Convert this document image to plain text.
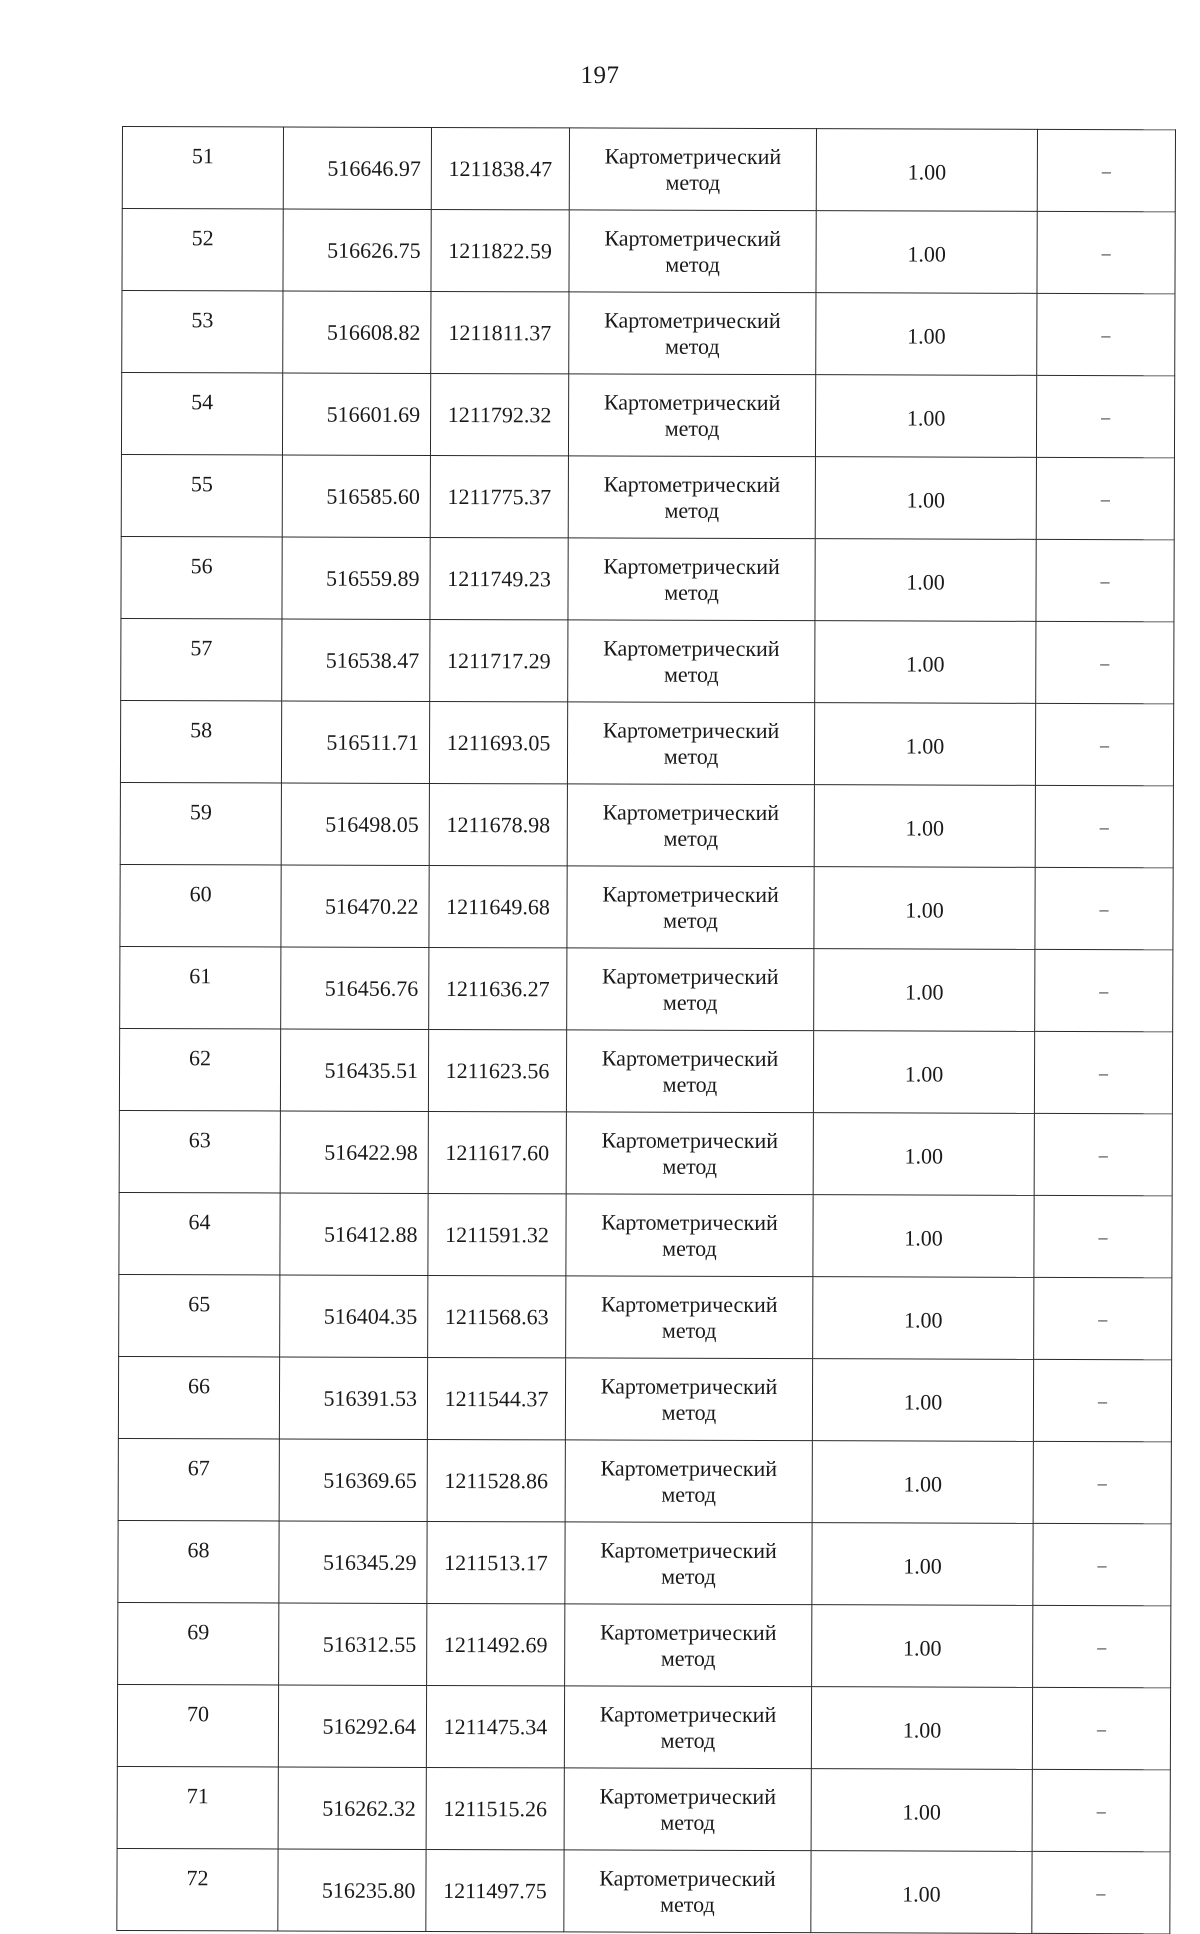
197
51	516646.97	1211838.47	Картометрический
метод	1.00	–
52	516626.75	1211822.59	Картометрический
метод	1.00	–
53	516608.82	1211811.37	Картометрический
метод	1.00	–
54	516601.69	1211792.32	Картометрический
метод	1.00	–
55	516585.60	1211775.37	Картометрический
метод	1.00	–
56	516559.89	1211749.23	Картометрический
метод	1.00	–
57	516538.47	1211717.29	Картометрический
метод	1.00	–
58	516511.71	1211693.05	Картометрический
метод	1.00	–
59	516498.05	1211678.98	Картометрический
метод	1.00	–
60	516470.22	1211649.68	Картометрический
метод	1.00	–
61	516456.76	1211636.27	Картометрический
метод	1.00	–
62	516435.51	1211623.56	Картометрический
метод	1.00	–
63	516422.98	1211617.60	Картометрический
метод	1.00	–
64	516412.88	1211591.32	Картометрический
метод	1.00	–
65	516404.35	1211568.63	Картометрический
метод	1.00	–
66	516391.53	1211544.37	Картометрический
метод	1.00	–
67	516369.65	1211528.86	Картометрический
метод	1.00	–
68	516345.29	1211513.17	Картометрический
метод	1.00	–
69	516312.55	1211492.69	Картометрический
метод	1.00	–
70	516292.64	1211475.34	Картометрический
метод	1.00	–
71	516262.32	1211515.26	Картометрический
метод	1.00	–
72	516235.80	1211497.75	Картометрический
метод	1.00	–
